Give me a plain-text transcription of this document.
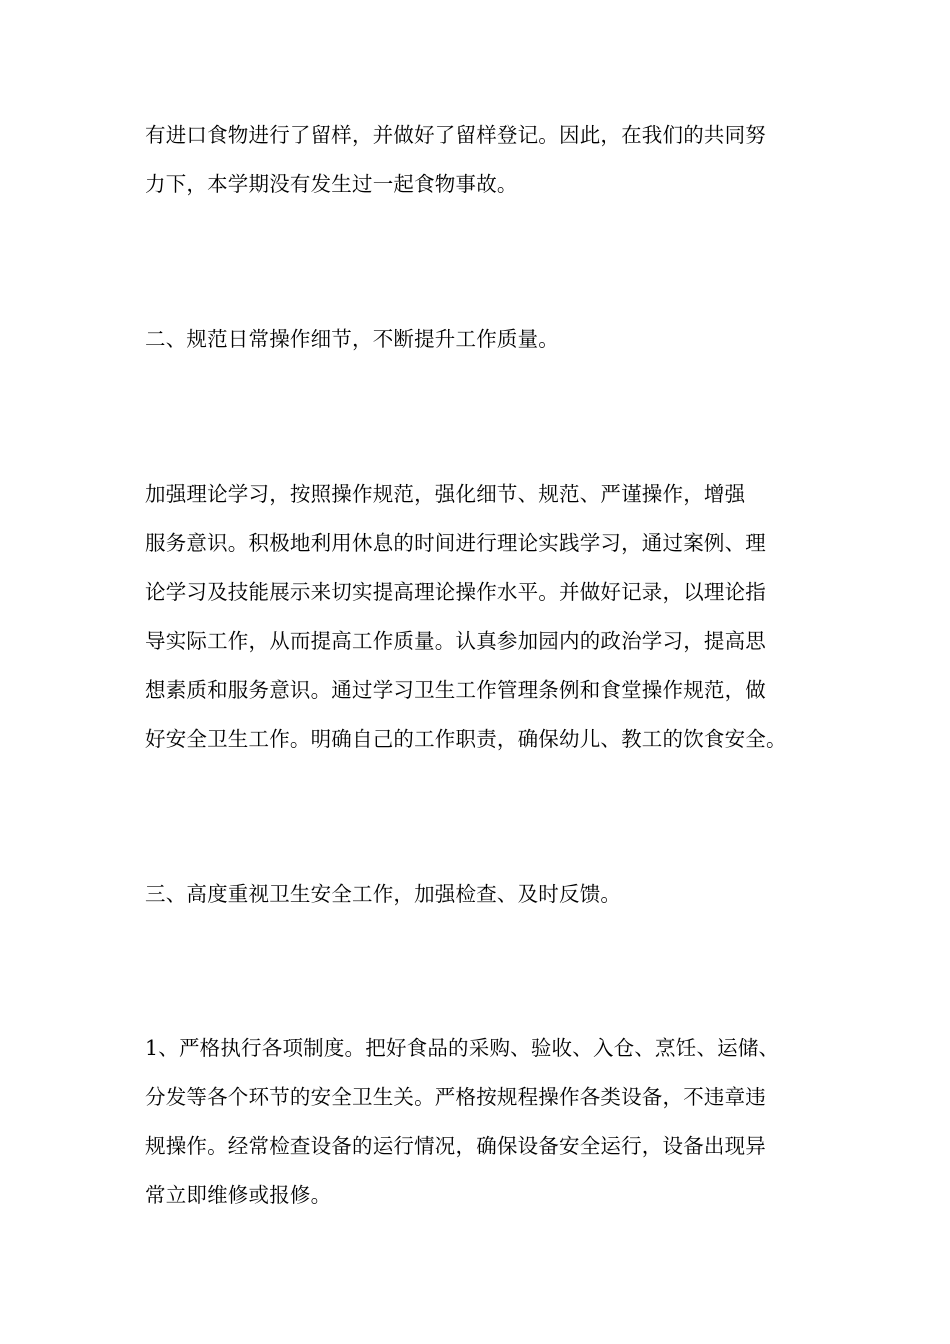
有进口食物进行了留样，并做好了留样登记。因此，在我们的共同努
力下，本学期没有发生过一起食物事故。

二、规范日常操作细节，不断提升工作质量。

加强理论学习，按照操作规范，强化细节、规范、严谨操作，增强
服务意识。积极地利用休息的时间进行理论实践学习，通过案例、理
论学习及技能展示来切实提高理论操作水平。并做好记录，以理论指
导实际工作，从而提高工作质量。认真参加园内的政治学习，提高思
想素质和服务意识。通过学习卫生工作管理条例和食堂操作规范，做
好安全卫生工作。明确自己的工作职责，确保幼儿、教工的饮食安全。

三、高度重视卫生安全工作，加强检查、及时反馈。

1、严格执行各项制度。把好食品的采购、验收、入仓、烹饪、运储、
分发等各个环节的安全卫生关。严格按规程操作各类设备，不违章违
规操作。经常检查设备的运行情况，确保设备安全运行，设备出现异
常立即维修或报修。
